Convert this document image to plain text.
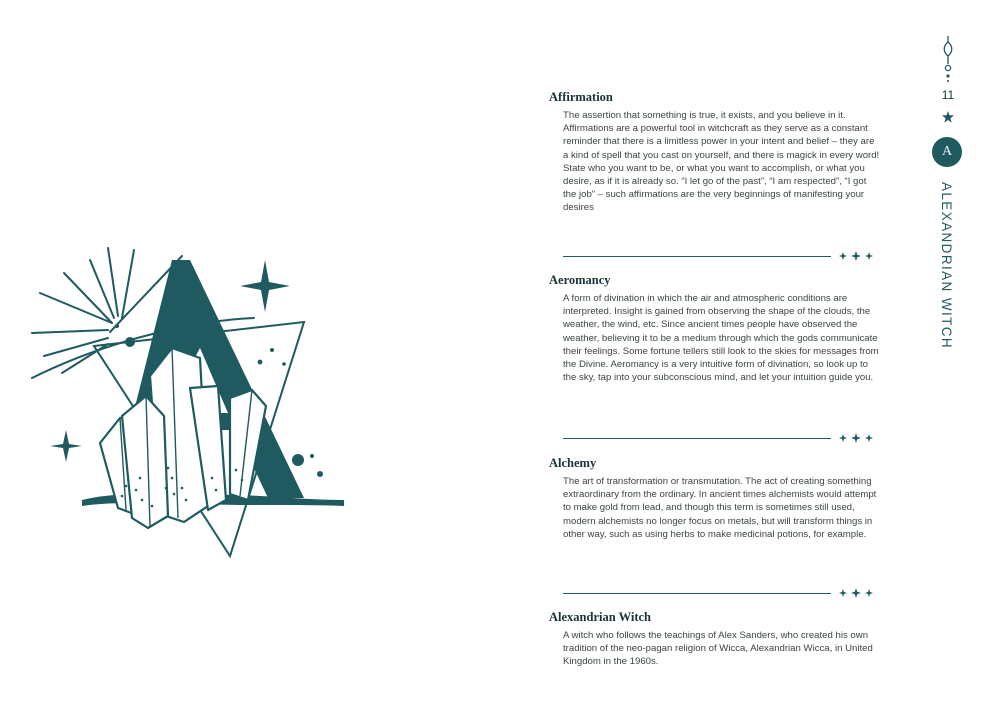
Affirmation

The assertion that something is true, it exists, and you believe in it. Affirmations are a powerful tool in witchcraft as they serve as a constant reminder that there is a limitless power in your intent and belief – they are a kind of spell that you cast on yourself, and there is magick in every word! State who you want to be, or what you want to accomplish, or what you desire, as if it is already so. “I let go of the past”, “I am respected”, “I got the job” – such affirmations are the very beginnings of manifesting your desires

Aeromancy

A form of divination in which the air and atmospheric conditions are interpreted. Insight is gained from observing the shape of the clouds, the weather, the wind, etc. Since ancient times people have observed the weather, believing it to be a medium through which the gods communicate their feelings. Some fortune tellers still look to the skies for messages from the Divine. Aeromancy is a very intuitive form of divination, so look up to the sky, tap into your subconscious mind, and let your intuition guide you.

Alchemy

The art of transformation or transmutation. The act of creating something extraordinary from the ordinary. In ancient times alchemists would attempt to make gold from lead, and though this term is sometimes still used, modern alchemists no longer focus on metals, but will transform things in other way, such as using herbs to make medicinal potions, for example.

Alexandrian Witch

A witch who follows the teachings of Alex Sanders, who created his own tradition of the neo-pagan religion of Wicca, Alexandrian Wicca, in United Kingdom in the 1960s.

11
A
ALEXANDRIAN WITCH
